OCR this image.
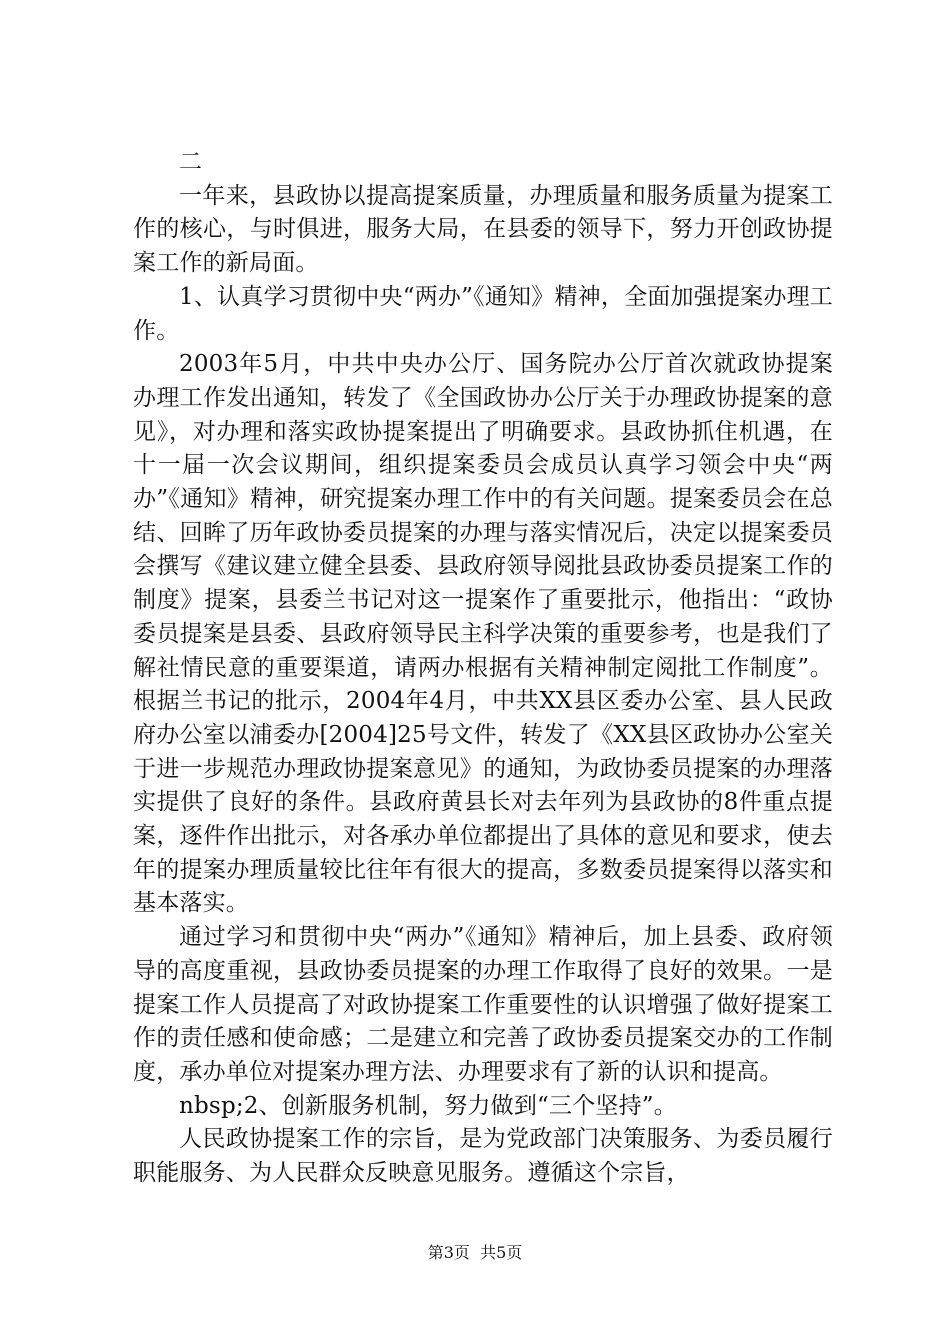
二

一年来，县政协以提高提案质量，办理质量和服务质量为提案工作的核心，与时俱进，服务大局，在县委的领导下，努力开创政协提案工作的新局面。

1、认真学习贯彻中央“两办”《通知》精神，全面加强提案办理工作。

2003年5月，中共中央办公厅、国务院办公厅首次就政协提案办理工作发出通知，转发了《全国政协办公厅关于办理政协提案的意见》，对办理和落实政协提案提出了明确要求。县政协抓住机遇，在十一届一次会议期间，组织提案委员会成员认真学习领会中央“两办”《通知》精神，研究提案办理工作中的有关问题。提案委员会在总结、回眸了历年政协委员提案的办理与落实情况后，决定以提案委员会撰写《建议建立健全县委、县政府领导阅批县政协委员提案工作的制度》提案，县委兰书记对这一提案作了重要批示，他指出：“政协委员提案是县委、县政府领导民主科学决策的重要参考，也是我们了解社情民意的重要渠道，请两办根据有关精神制定阅批工作制度”。根据兰书记的批示，2004年4月，中共XX县区委办公室、县人民政府办公室以浦委办[2004]25号文件，转发了《XX县区政协办公室关于进一步规范办理政协提案意见》的通知，为政协委员提案的办理落实提供了良好的条件。县政府黄县长对去年列为县政协的8件重点提案，逐件作出批示，对各承办单位都提出了具体的意见和要求，使去年的提案办理质量较比往年有很大的提高，多数委员提案得以落实和基本落实。

通过学习和贯彻中央“两办”《通知》精神后，加上县委、政府领导的高度重视，县政协委员提案的办理工作取得了良好的效果。一是提案工作人员提高了对政协提案工作重要性的认识增强了做好提案工作的责任感和使命感；二是建立和完善了政协委员提案交办的工作制度，承办单位对提案办理方法、办理要求有了新的认识和提高。

nbsp;2、创新服务机制，努力做到“三个坚持”。

人民政协提案工作的宗旨，是为党政部门决策服务、为委员履行职能服务、为人民群众反映意见服务。遵循这个宗旨，

第3页  共5页
